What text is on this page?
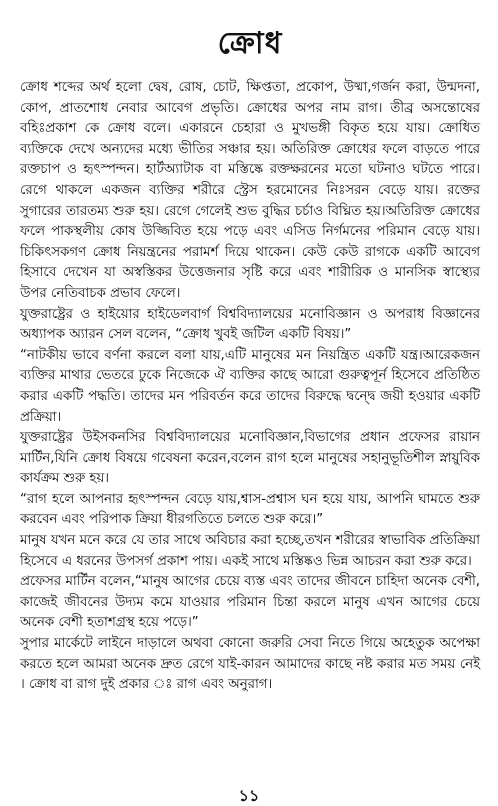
ক্রোধ

ক্রোধ শব্দের অর্থ হলো দ্বেষ, রোষ, চোট, ক্ষিপ্ততা, প্রকোপ, উষ্মা,গর্জন করা, উন্মদনা, কোপ, প্রাতশোধ নেবার আবেগ প্রভৃতি। ক্রোধের অপর নাম রাগ। তীব্র অসন্তোষের বহিঃপ্রকাশ কে ক্রোধ বলে। একারনে চেহারা ও মুখভঙ্গী বিকৃত হয়ে যায়। ক্রোধিত ব্যক্তিকে দেখে অন্যদের মধ্যে ভীতির সঞ্চার হয়। অতিরিক্ত ক্রোধের ফলে বাড়তে পারে রক্তচাপ ও হৃৎস্পন্দন। হার্টঅ্যাটাক বা মস্তিষ্কে রক্তক্ষরনের মতো ঘটনাও ঘটতে পারে। রেগে থাকলে একজন ব্যক্তির শরীরে স্ট্রেস হরমোনের নিঃসরন বেড়ে যায়। রক্তের সুগারের তারতম্য শুরু হয়। রেগে গেলেই শুভ বুদ্ধির চর্চাও বিঘ্নিত হয়।অতিরিক্ত ক্রোধের ফলে পাকস্থলীয় কোষ উজ্জিবিত হয়ে পড়ে এবং এসিড নির্গমনের পরিমান বেড়ে যায়। চিকিৎসকগণ ক্রোধ নিয়ন্ত্রনের পরামর্শ দিয়ে থাকেন। কেউ কেউ রাগকে একটি আবেগ হিসাবে দেখেন যা অস্বস্তিকর উত্তেজনার সৃষ্টি করে এবং শারীরিক ও মানসিক স্বাস্থ্যের উপর নেতিবাচক প্রভাব ফেলে।

যুক্তরাষ্ট্রের ও হাইয়োর হাইডেলবার্গ বিশ্ববিদ্যালয়ের মনোবিজ্ঞান ও অপরাধ বিজ্ঞানের অধ্যাপক অ্যারন সেল বলেন, “ক্রোধ খুবই জটিল একটি বিষয়।”

“নাটকীয় ভাবে বর্ণনা করলে বলা যায়,এটি মানুষের মন নিয়ন্ত্রিত একটি যন্ত্র।আরেকজন ব্যক্তির মাথার ভেতরে ঢুকে নিজেকে ঐ ব্যক্তির কাছে আরো গুরুত্বপূর্ন হিসেবে প্রতিষ্ঠিত করার একটি পদ্ধতি। তাদের মন পরিবর্তন করে তাদের বিরুদ্ধে দ্বন্দ্বে জয়ী হওয়ার একটি প্রক্রিয়া।

যুক্তরাষ্ট্রের উইসকনসির বিশ্ববিদ্যালয়ের মনোবিজ্ঞান,বিভাগের প্রধান প্রফেসর রায়ান মার্টিন,যিনি ক্রোধ বিষয়ে গবেষনা করেন,বলেন রাগ হলে মানুষের সহানুভূতিশীল স্নায়ুবিক কার্যক্রম শুরু হয়।

“রাগ হলে আপনার হৃৎস্পন্দন বেড়ে যায়,শ্বাস-প্রশ্বাস ঘন হয়ে যায়, আপনি ঘামতে শুরু করবেন এবং পরিপাক ক্রিয়া ধীরগতিতে চলতে শুরু করে।”

মানুষ যখন মনে করে যে তার সাথে অবিচার করা হচ্ছে,তখন শরীরের স্বাভাবিক প্রতিক্রিয়া হিসেবে এ ধরনের উপসর্গ প্রকাশ পায়। একই সাথে মস্তিষ্কও ভিন্ন আচরন করা শুরু করে।

প্রফেসর মার্টিন বলেন,“মানুষ আগের চেয়ে ব্যস্ত এবং তাদের জীবনে চাহিদা অনেক বেশী, কাজেই জীবনের উদ্যম কমে যাওয়ার পরিমান চিন্তা করলে মানুষ এখন আগের চেয়ে অনেক বেশী হতাশগ্রস্থ হয়ে পড়ে।”

সুপার মার্কেটে লাইনে দাড়ালে অথবা কোনো জরুরি সেবা নিতে গিয়ে অহেতুক অপেক্ষা করতে হলে আমরা অনেক দ্রুত রেগে যাই-কারন আমাদের কাছে নষ্ট করার মত সময় নেই । ক্রোধ বা রাগ দুই প্রকার ঃ রাগ এবং অনুরাগ।

১১
